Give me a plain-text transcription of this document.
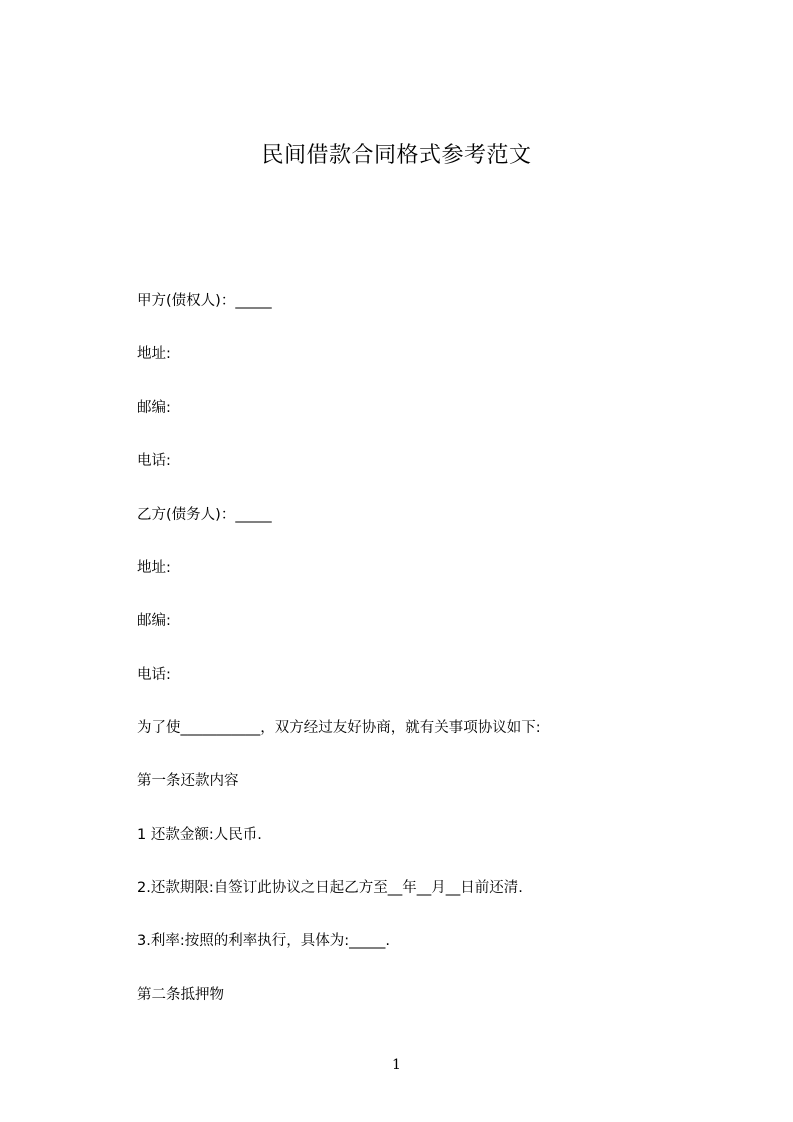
民间借款合同格式参考范文
甲方(债权人)：_____
地址:
邮编:
电话:
乙方(债务人)：_____
地址:
邮编:
电话:
为了使___________，双方经过友好协商，就有关事项协议如下:
第一条还款内容
1 还款金额:人民币.
2.还款期限:自签订此协议之日起乙方至__年__月__日前还清.
3.利率:按照的利率执行，具体为:_____.
第二条抵押物
1
